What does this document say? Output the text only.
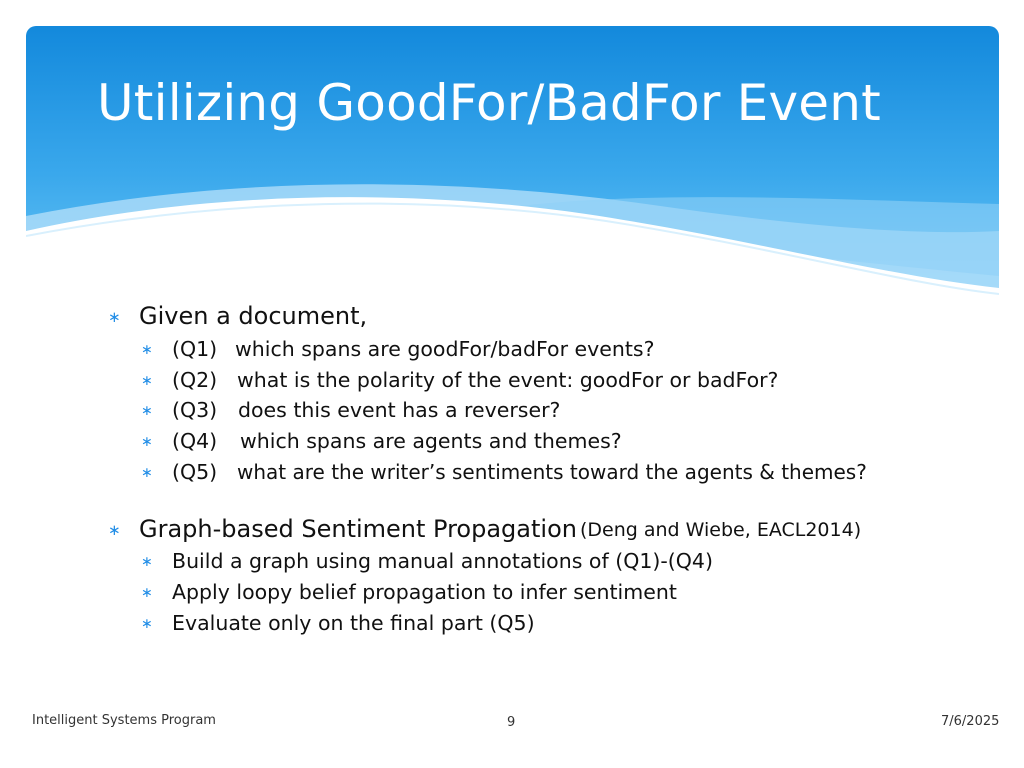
Utilizing GoodFor/BadFor Event
∗ Given a document,
∗ (Q1) which spans are goodFor/badFor events?
∗ (Q2) what is the polarity of the event: goodFor or badFor?
∗ (Q3) does this event has a reverser?
∗ (Q4) which spans are agents and themes?
∗ (Q5) what are the writer’s sentiments toward the agents & themes?
∗ Graph-based Sentiment Propagation (Deng and Wiebe, EACL2014)
∗ Build a graph using manual annotations of (Q1)-(Q4)
∗ Apply loopy belief propagation to infer sentiment
∗ Evaluate only on the final part (Q5)
Intelligent Systems Program	9	7/6/2025
